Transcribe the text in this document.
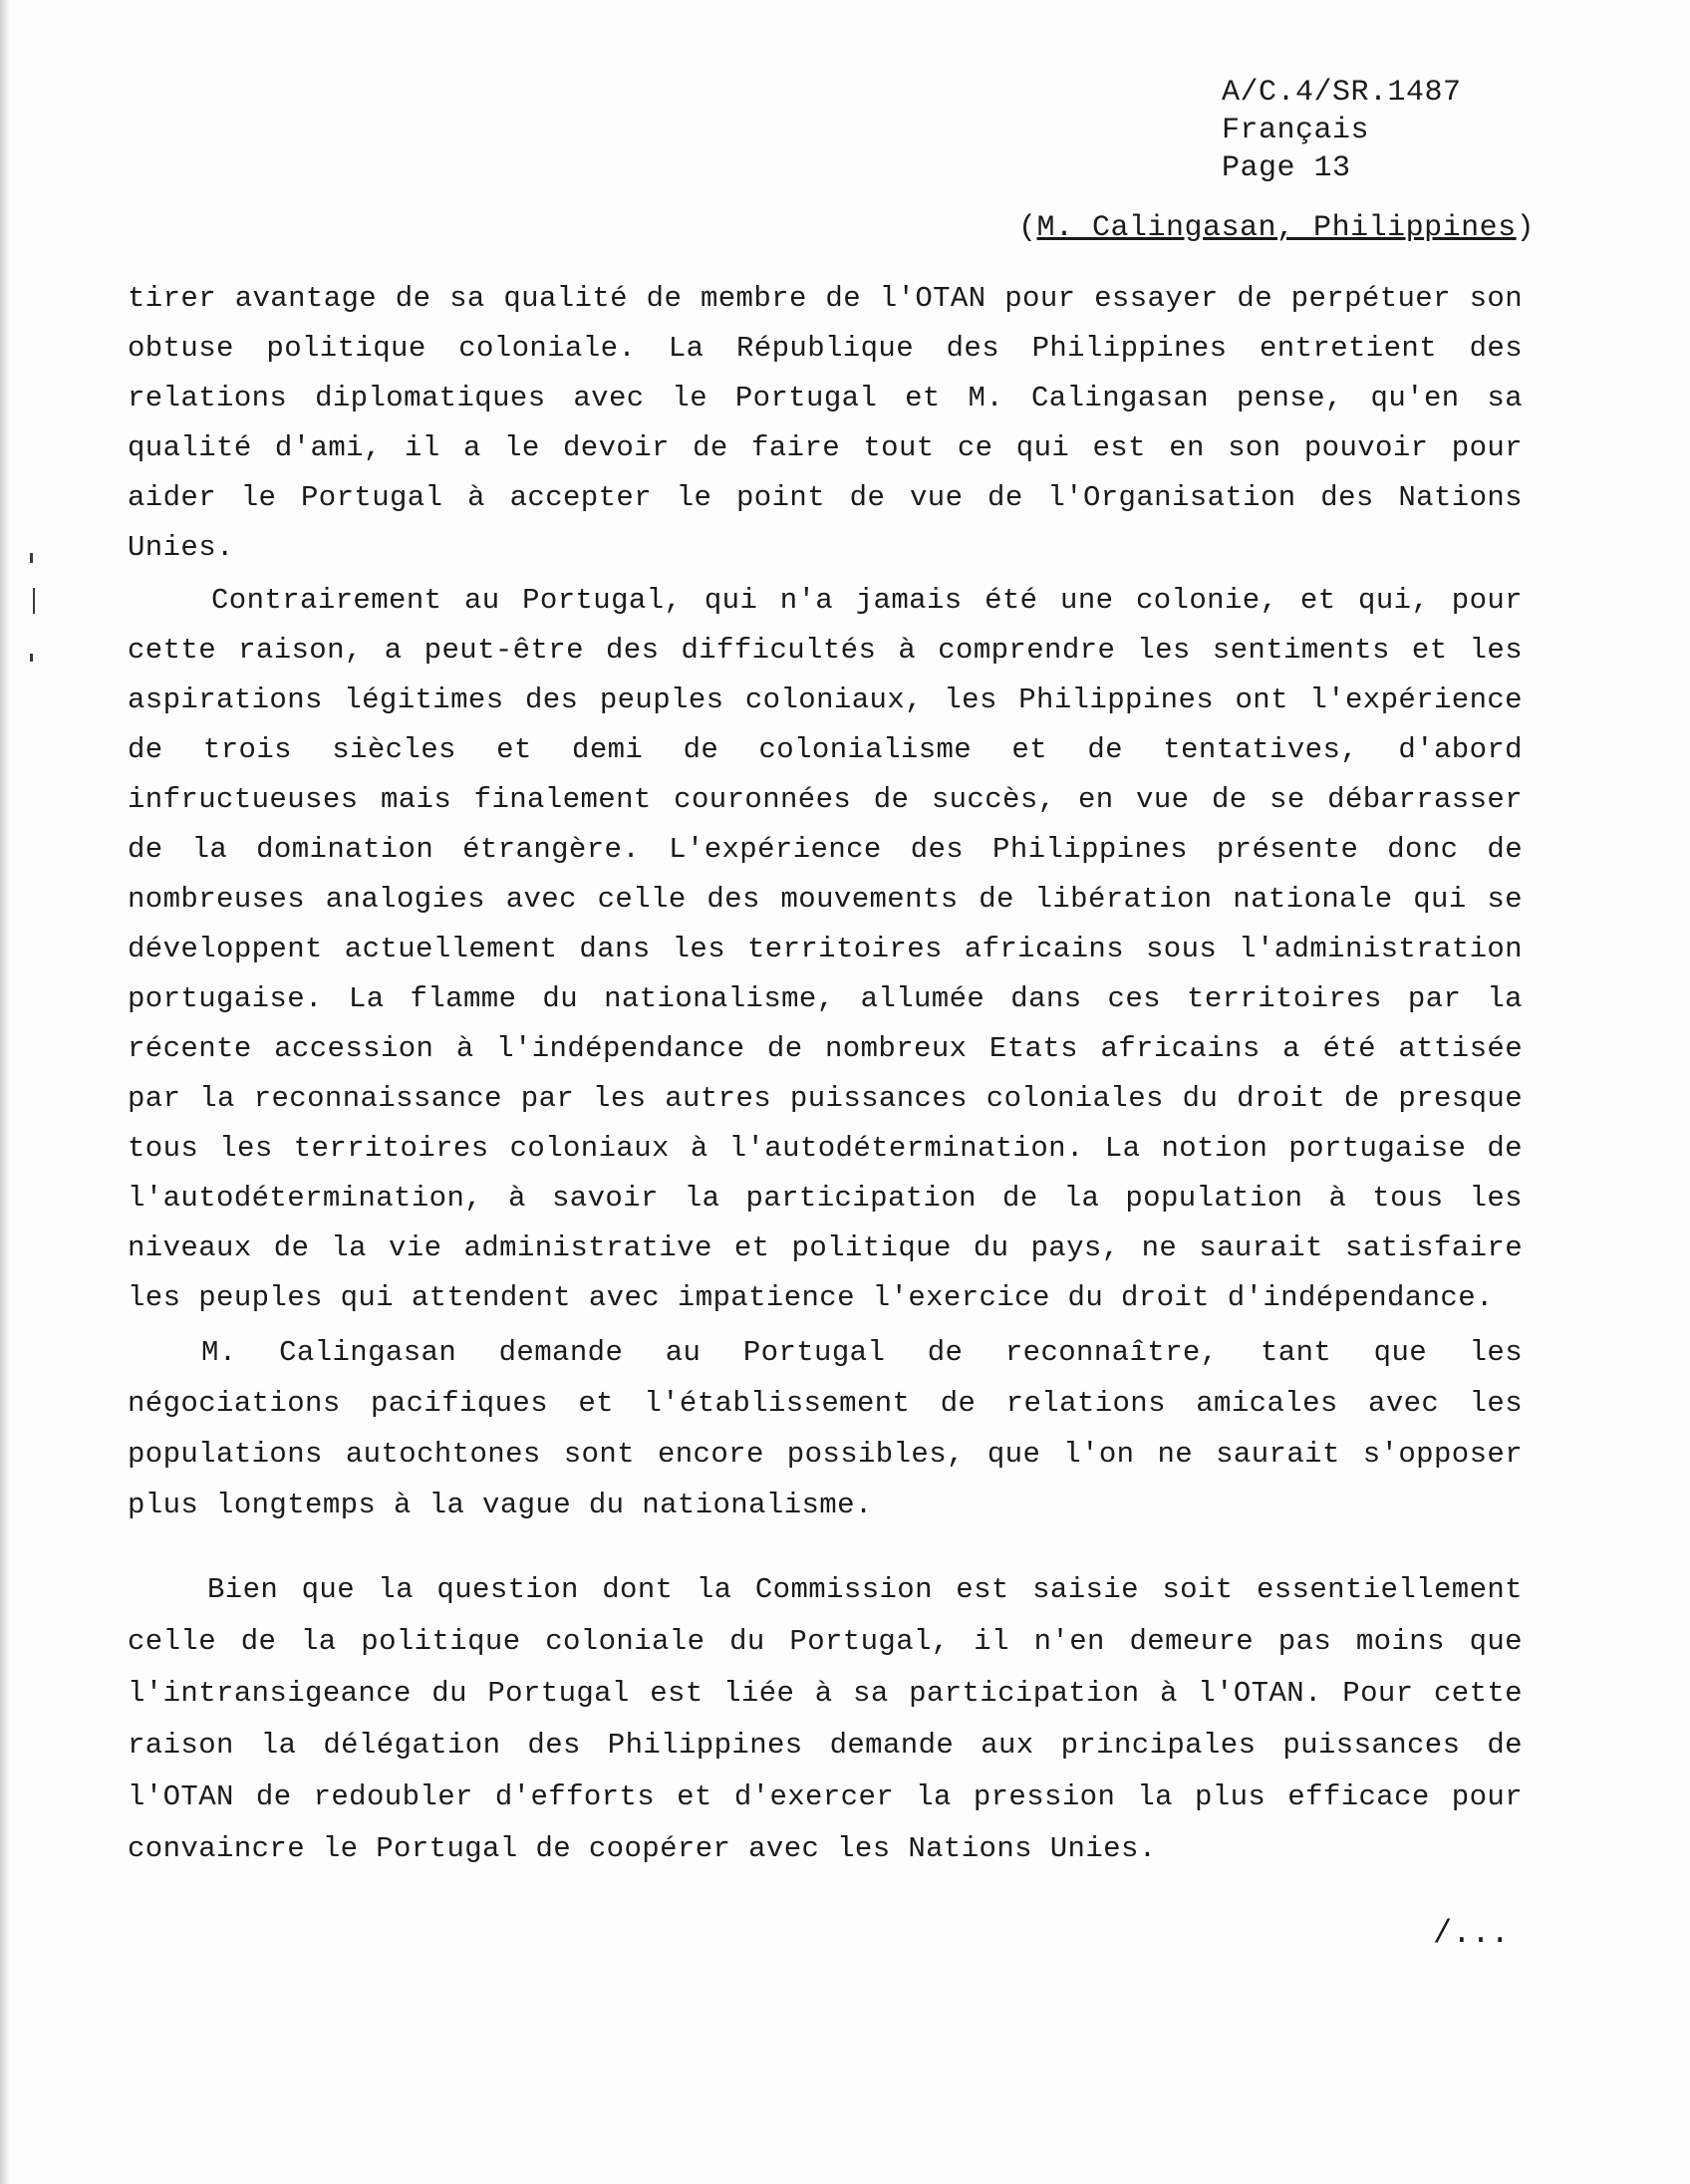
A/C.4/SR.1487
Français
Page 13
(M. Calingasan, Philippines)

tirer avantage de sa qualité de membre de l'OTAN pour essayer de perpétuer son obtuse politique coloniale. La République des Philippines entretient des relations diplomatiques avec le Portugal et M. Calingasan pense, qu'en sa qualité d'ami, il a le devoir de faire tout ce qui est en son pouvoir pour aider le Portugal à accepter le point de vue de l'Organisation des Nations Unies.

Contrairement au Portugal, qui n'a jamais été une colonie, et qui, pour cette raison, a peut-être des difficultés à comprendre les sentiments et les aspirations légitimes des peuples coloniaux, les Philippines ont l'expérience de trois siècles et demi de colonialisme et de tentatives, d'abord infructueuses mais finalement couronnées de succès, en vue de se débarrasser de la domination étrangère. L'expérience des Philippines présente donc de nombreuses analogies avec celle des mouvements de libération nationale qui se développent actuellement dans les territoires africains sous l'administration portugaise. La flamme du nationalisme, allumée dans ces territoires par la récente accession à l'indépendance de nombreux Etats africains a été attisée par la reconnaissance par les autres puissances coloniales du droit de presque tous les territoires coloniaux à l'autodétermination. La notion portugaise de l'autodétermination, à savoir la participation de la population à tous les niveaux de la vie administrative et politique du pays, ne saurait satisfaire les peuples qui attendent avec impatience l'exercice du droit d'indépendance.

M. Calingasan demande au Portugal de reconnaître, tant que les négociations pacifiques et l'établissement de relations amicales avec les populations autochtones sont encore possibles, que l'on ne saurait s'opposer plus longtemps à la vague du nationalisme.

Bien que la question dont la Commission est saisie soit essentiellement celle de la politique coloniale du Portugal, il n'en demeure pas moins que l'intransigeance du Portugal est liée à sa participation à l'OTAN. Pour cette raison la délégation des Philippines demande aux principales puissances de l'OTAN de redoubler d'efforts et d'exercer la pression la plus efficace pour convaincre le Portugal de coopérer avec les Nations Unies.

/...
